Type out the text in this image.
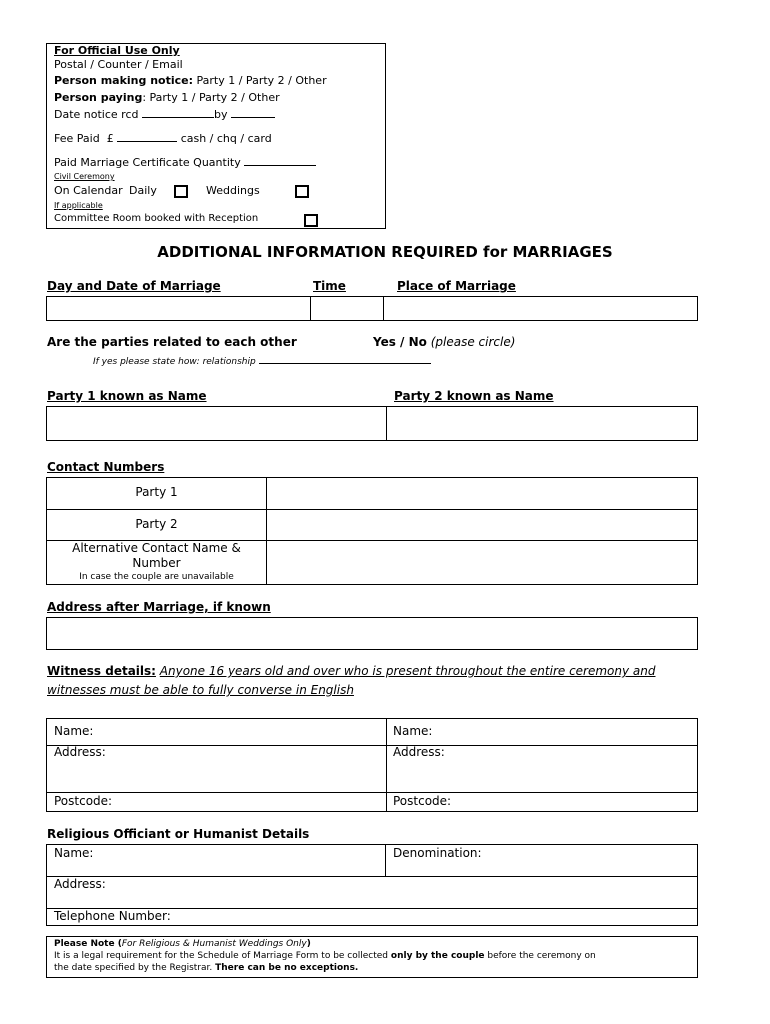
For Official Use Only
Postal / Counter / Email
Person making notice: Party 1 / Party 2 / Other
Person paying: Party 1 / Party 2 / Other
Date notice rcd	by
Fee Paid £	cash / chq / card
Paid Marriage Certificate Quantity
Civil Ceremony
On Calendar Daily	Weddings
If applicable
Committee Room booked with Reception
ADDITIONAL INFORMATION REQUIRED for MARRIAGES
Day and Date of Marriage	Time	Place of Marriage
Are the parties related to each other	Yes / No (please circle)
If yes please state how: relationship
Party 1 known as Name	Party 2 known as Name
Contact Numbers
Party 1
Party 2
Alternative Contact Name &
Number
In case the couple are unavailable
Address after Marriage, if known
Witness details: Anyone 16 years old and over who is present throughout the entire ceremony and
witnesses must be able to fully converse in English
Name:	Name:
Address:	Address:
Postcode:	Postcode:
Religious Officiant or Humanist Details
Name:	Denomination:
Address:
Telephone Number:
Please Note (For Religious & Humanist Weddings Only)
It is a legal requirement for the Schedule of Marriage Form to be collected only by the couple before the ceremony on
the date specified by the Registrar. There can be no exceptions.
